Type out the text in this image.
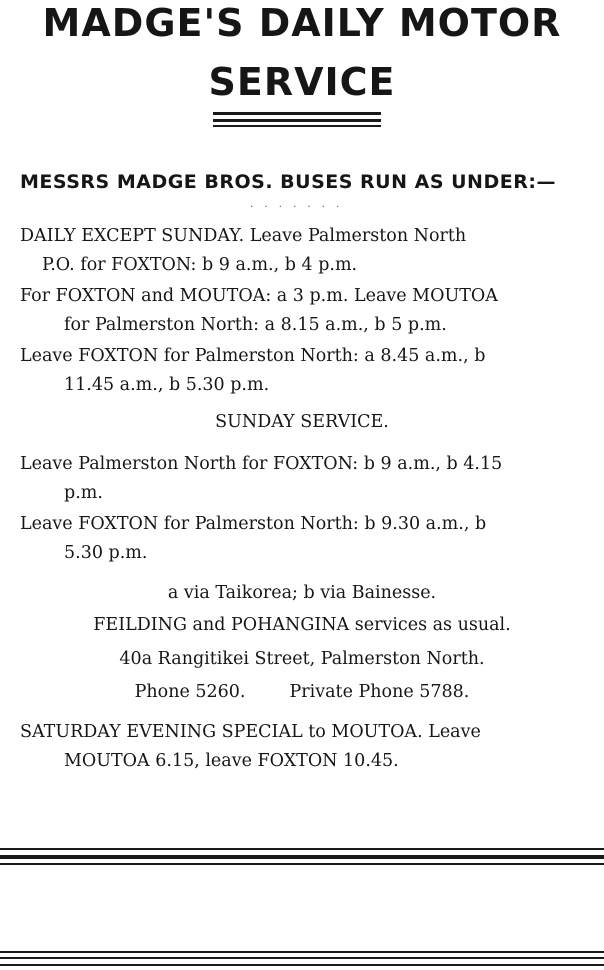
MADGE'S DAILY MOTOR
SERVICE
MESSRS MADGE BROS. BUSES RUN AS UNDER:—
· · · · · · ·
DAILY EXCEPT SUNDAY. Leave Palmerston North
P.O. for FOXTON: b 9 a.m., b 4 p.m.
For FOXTON and MOUTOA: a 3 p.m. Leave MOUTOA
for Palmerston North: a 8.15 a.m., b 5 p.m.
Leave FOXTON for Palmerston North: a 8.45 a.m., b
11.45 a.m., b 5.30 p.m.
SUNDAY SERVICE.
Leave Palmerston North for FOXTON: b 9 a.m., b 4.15
p.m.
Leave FOXTON for Palmerston North: b 9.30 a.m., b
5.30 p.m.
a via Taikorea; b via Bainesse.
FEILDING and POHANGINA services as usual.
40a Rangitikei Street, Palmerston North.
Phone 5260.	Private Phone 5788.
SATURDAY EVENING SPECIAL to MOUTOA. Leave
MOUTOA 6.15, leave FOXTON 10.45.
